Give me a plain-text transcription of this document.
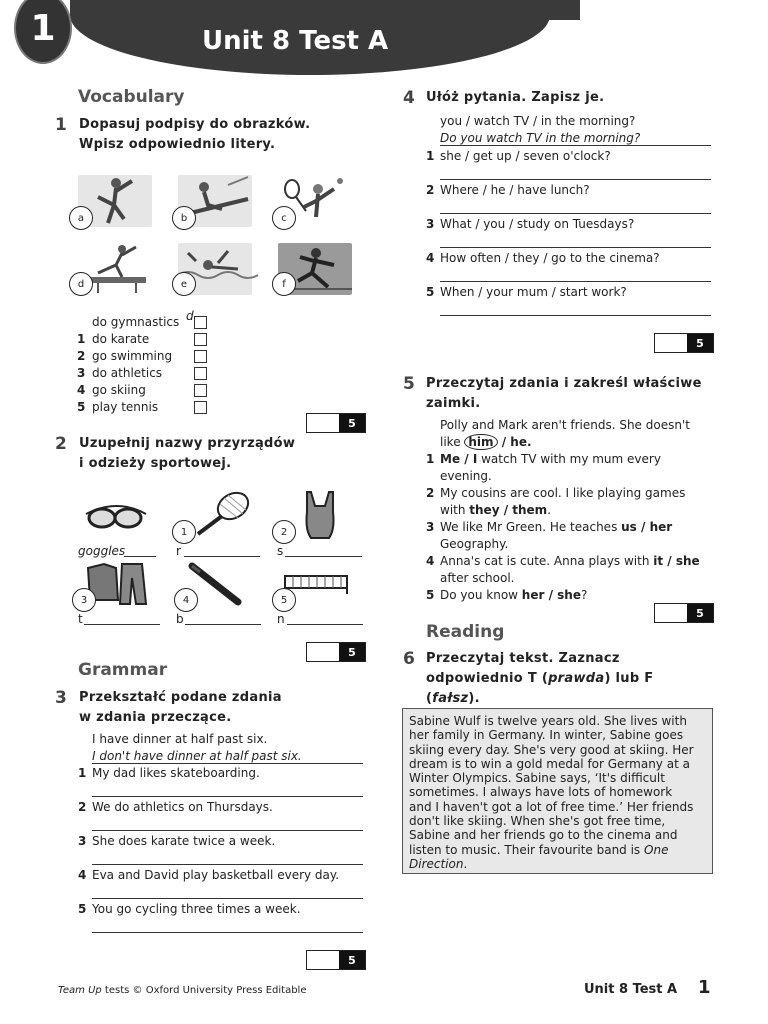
1	Unit 8 Test A
Vocabulary
1 Dopasuj podpisy do obrazków.
Wpisz odpowiednio litery.
a	b	c
d	e	f
do gymnastics
1 do karate
2 go swimming
3 do athletics
4 go skiing
5 play tennis
d
5
2 Uzupełnij nazwy przyrządów
i odzieży sportowej.
1	2
3	4	5
goggles	r	s
t	b	n
5
Grammar
3 Przekształć podane zdania
w zdania przeczące.
I have dinner at half past six.
I don't have dinner at half past six.
1 My dad likes skateboarding.
2 We do athletics on Thursdays.
3 She does karate twice a week.
4 Eva and David play basketball every day.
5 You go cycling three times a week.
5
4 Ułóż pytania. Zapisz je.
you / watch TV / in the morning?
Do you watch TV in the morning?
1 she / get up / seven o'clock?
2 Where / he / have lunch?
3 What / you / study on Tuesdays?
4 How often / they / go to the cinema?
5 When / your mum / start work?
5
5 Przeczytaj zdania i zakreśl właściwe
zaimki.
Polly and Mark aren't friends. She doesn't
like him / he.
1 Me / I watch TV with my mum every
evening.
2 My cousins are cool. I like playing games
with they / them.
3 We like Mr Green. He teaches us / her
Geography.
4 Anna's cat is cute. Anna plays with it / she
after school.
5 Do you know her / she?
5
Reading
6 Przeczytaj tekst. Zaznacz
odpowiednio T (prawda) lub F
(fałsz).
Sabine Wulf is twelve years old. She lives with
her family in Germany. In winter, Sabine goes
skiing every day. She's very good at skiing. Her
dream is to win a gold medal for Germany at a
Winter Olympics. Sabine says, ‘It's difficult
sometimes. I always have lots of homework
and I haven't got a lot of free time.’ Her friends
don't like skiing. When she's got free time,
Sabine and her friends go to the cinema and
listen to music. Their favourite band is One
Direction.
Team Up tests © Oxford University Press Editable	Unit 8 Test A 1
